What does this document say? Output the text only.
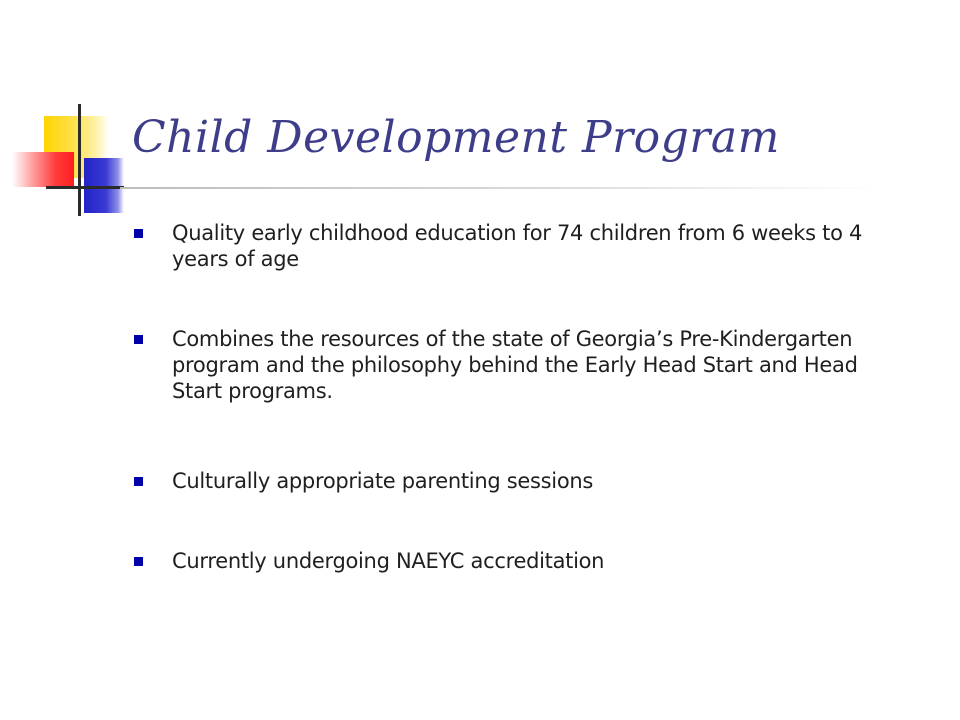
Child Development Program
Quality early childhood education for 74 children from 6 weeks to 4 years of age
Combines the resources of the state of Georgia’s Pre-Kindergarten program and the philosophy behind the Early Head Start and Head Start programs.
Culturally appropriate parenting sessions
Currently undergoing NAEYC accreditation
